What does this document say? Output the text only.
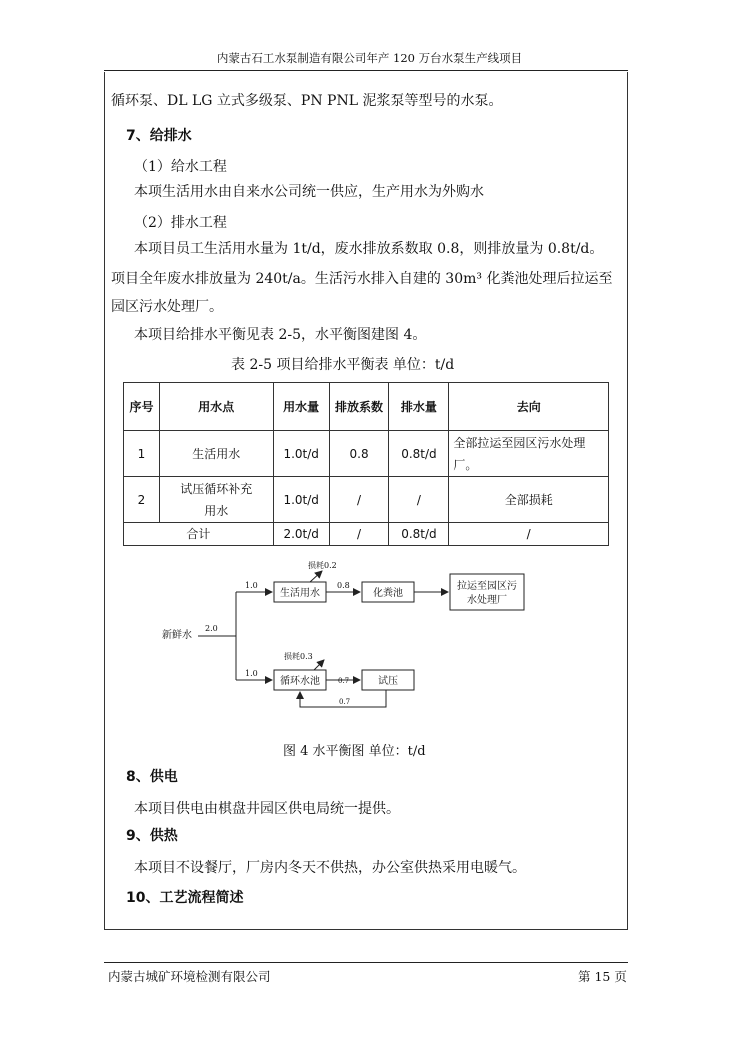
内蒙古石工水泵制造有限公司年产 120 万台水泵生产线项目
循环泵、DL LG 立式多级泵、PN PNL 泥浆泵等型号的水泵。
7、给排水
（1）给水工程
本项生活用水由自来水公司统一供应，生产用水为外购水
（2）排水工程
本项目员工生活用水量为 1t/d，废水排放系数取 0.8，则排放量为 0.8t/d。
项目全年废水排放量为 240t/a。生活污水排入自建的 30m³ 化粪池处理后拉运至
园区污水处理厂。
本项目给排水平衡见表 2-5，水平衡图建图 4。
表 2-5 项目给排水平衡表 单位：t/d
序号	用水点	用水量	排放系数	排水量	去向
1	生活用水	1.0t/d	0.8	0.8t/d	全部拉运至园区污水处理厂。
2	试压循环补充用水	1.0t/d	/	/	全部损耗
合计		2.0t/d	/	0.8t/d	/
新鲜水
2.0
1.0
1.0
生活用水
损耗0.2
0.8
化粪池
拉运至园区污
水处理厂
循环水池
损耗0.3
0.7	试压
0.7
图 4 水平衡图 单位：t/d
8、供电
本项目供电由棋盘井园区供电局统一提供。
9、供热
本项目不设餐厅，厂房内冬天不供热，办公室供热采用电暖气。
10、工艺流程简述
内蒙古城矿环境检测有限公司	第 15 页
